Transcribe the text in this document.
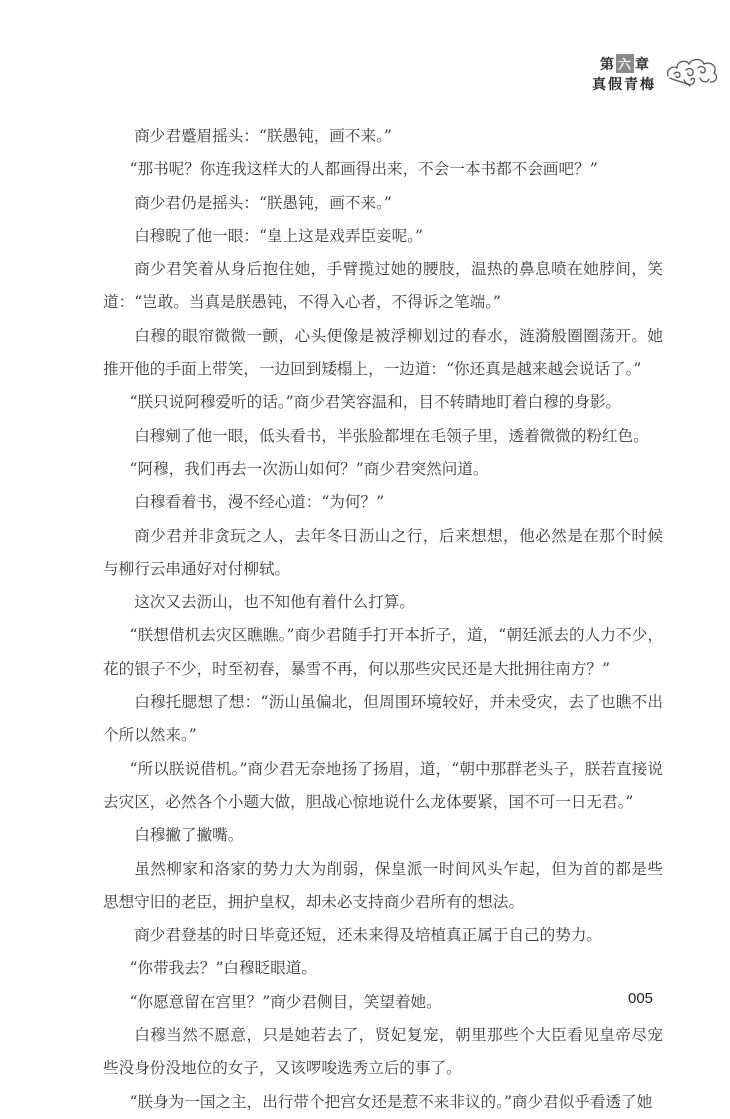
第 六 章
真假青梅

商少君蹙眉摇头：“朕愚钝，画不来。”

“那书呢？你连我这样大的人都画得出来，不会一本书都不会画吧？”

商少君仍是摇头：“朕愚钝，画不来。”

白穆睨了他一眼：“皇上这是戏弄臣妾呢。”

商少君笑着从身后抱住她，手臂揽过她的腰肢，温热的鼻息喷在她脖间，笑道：“岂敢。当真是朕愚钝，不得入心者，不得诉之笔端。”

白穆的眼帘微微一颤，心头便像是被浮柳划过的春水，涟漪般圈圈荡开。她推开他的手面上带笑，一边回到矮榻上，一边道：“你还真是越来越会说话了。”

“朕只说阿穆爱听的话。”商少君笑容温和，目不转睛地盯着白穆的身影。

白穆剜了他一眼，低头看书，半张脸都埋在毛领子里，透着微微的粉红色。

“阿穆，我们再去一次沥山如何？”商少君突然问道。

白穆看着书，漫不经心道：“为何？”

商少君并非贪玩之人，去年冬日沥山之行，后来想想，他必然是在那个时候与柳行云串通好对付柳轼。

这次又去沥山，也不知他有着什么打算。

“朕想借机去灾区瞧瞧。”商少君随手打开本折子，道，“朝廷派去的人力不少，花的银子不少，时至初春，暴雪不再，何以那些灾民还是大批拥往南方？”

白穆托腮想了想：“沥山虽偏北，但周围环境较好，并未受灾，去了也瞧不出个所以然来。”

“所以朕说借机。”商少君无奈地扬了扬眉，道，“朝中那群老头子，朕若直接说去灾区，必然各个小题大做，胆战心惊地说什么龙体要紧，国不可一日无君。”

白穆撇了撇嘴。

虽然柳家和洛家的势力大为削弱，保皇派一时间风头乍起，但为首的都是些思想守旧的老臣，拥护皇权，却未必支持商少君所有的想法。

商少君登基的时日毕竟还短，还未来得及培植真正属于自己的势力。

“你带我去？”白穆眨眼道。

“你愿意留在宫里？”商少君侧目，笑望着她。

白穆当然不愿意，只是她若去了，贤妃复宠，朝里那些个大臣看见皇帝尽宠些没身份没地位的女子，又该啰唆选秀立后的事了。

“朕身为一国之主，出行带个把宫女还是惹不来非议的。”商少君似乎看透了她

005
